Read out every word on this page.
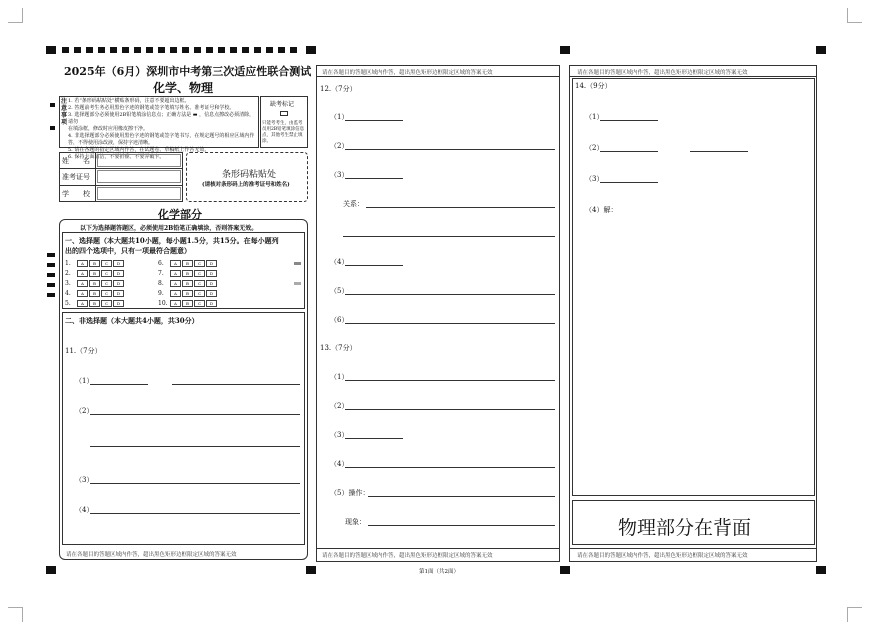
2025年（6月）深圳市中考第三次适应性联合测试
化学、物理
注意事项
1. 若“条形码粘贴处”横贴条形码，注意不要超出边框。
2. 答题前考生务必用黑色字迹的钢笔或签字笔填写姓名、准考证号和学校。
3. 选择题部分必须使用2B铅笔填涂信息点；正确方法是 ▬ ，信息点擦改必须清除，请勿
在填涂框，修改时应用橡皮擦干净。
4. 非选择题部分必须使用黑色字迹的钢笔或签字笔书写，在规定题号的相应区域内作
答，不得使用涂改液，保持字迹清晰。
5. 请在各题的指定区域内作答，在试题卷、草稿纸上作答无效。
6. 保持卡面清洁，不要折叠、不要弄破卡。
缺考标记
只能考考生，由监考员用2B铅笔填涂信息点，其他考生禁止填涂。
姓　　名
准考证号
学　　校
条形码粘贴处
(请核对条形码上的准考证号和姓名)
化学部分
以下为选择题答题区，必须使用2B铅笔正确填涂，否则答案无效。
一、选择题（本大题共10小题，每小题1.5分，共15分。在每小题列
出的四个选项中，只有一项最符合题意）
1.	A B C D
2.	A B C D
3.	A B C D
4.	A B C D
5.	A B C D
6.	A B C D
7.	A B C D
8.	A B C D
9.	A B C D
10. A B C D
二、非选择题（本大题共4小题，共30分）
11.（7分）
（1）
（2）
（3）
（4）
请在各题目的答题区域内作答，超出黑色矩形边框限定区域的答案无效
请在各题目的答题区域内作答，超出黑色矩形边框限定区域的答案无效
请在各题目的答题区域内作答，超出黑色矩形边框限定区域的答案无效
12.（7分）
（1）
（2）
（3）
关系：
（4）
（5）
（6）
13.（7分）
（1）
（2）
（3）
（4）
（5）操作：
现象：
请在各题目的答题区域内作答，超出黑色矩形边框限定区域的答案无效
请在各题目的答题区域内作答，超出黑色矩形边框限定区域的答案无效
14.（9分）
（1）
（2）
（3）
（4）解：
物理部分在背面
第1面（共2面）
